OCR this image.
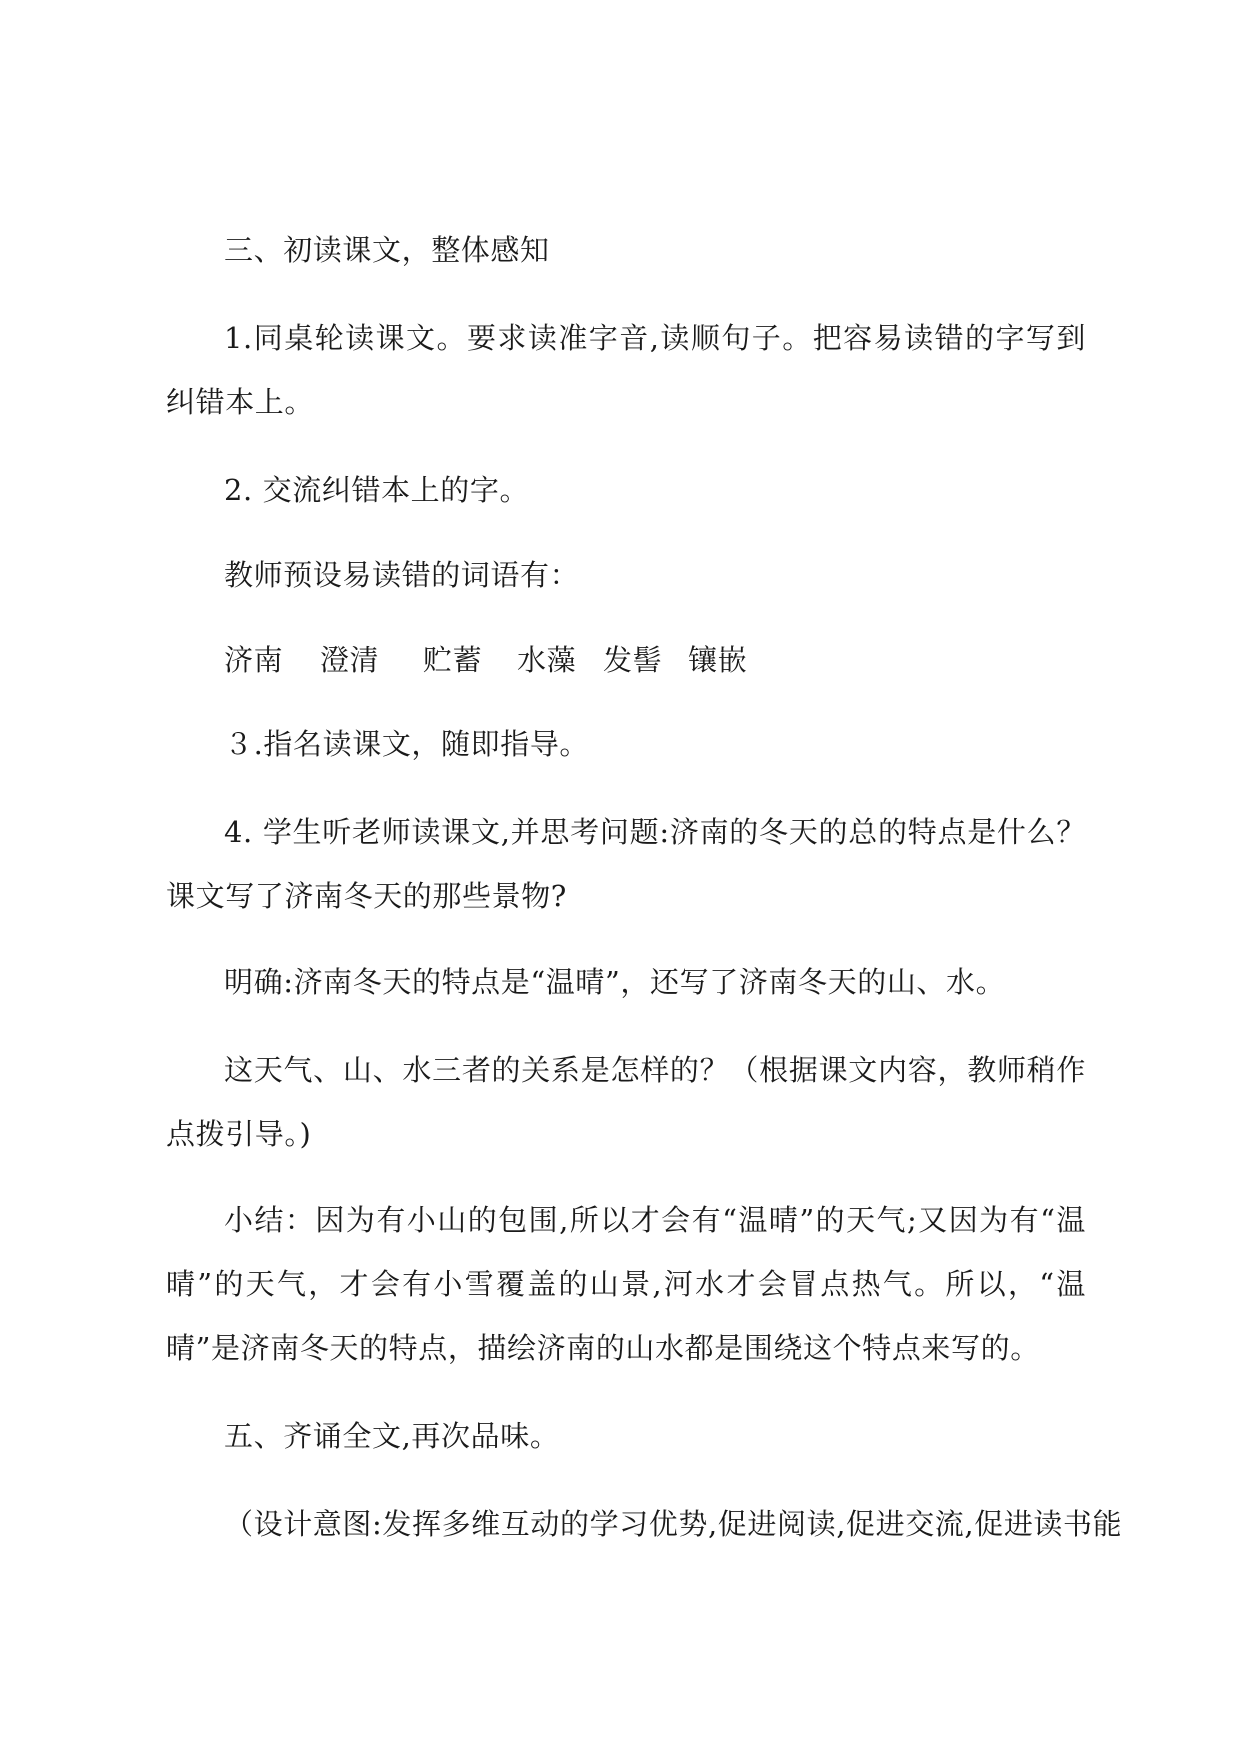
三、初读课文，整体感知

1.同桌轮读课文。要求读准字音,读顺句子。把容易读错的字写到纠错本上。

2. 交流纠错本上的字。

教师预设易读错的词语有：

济南 澄清 贮蓄 水藻 发髻 镶嵌

３.指名读课文，随即指导。

4. 学生听老师读课文,并思考问题:济南的冬天的总的特点是什么？课文写了济南冬天的那些景物?

明确:济南冬天的特点是“温晴”，还写了济南冬天的山、水。

这天气、山、水三者的关系是怎样的？（根据课文内容，教师稍作点拨引导。)

小结：因为有小山的包围,所以才会有“温晴”的天气;又因为有“温晴”的天气，才会有小雪覆盖的山景,河水才会冒点热气。所以，“温晴”是济南冬天的特点，描绘济南的山水都是围绕这个特点来写的。

五、齐诵全文,再次品味。

（设计意图:发挥多维互动的学习优势,促进阅读,促进交流,促进读书能
